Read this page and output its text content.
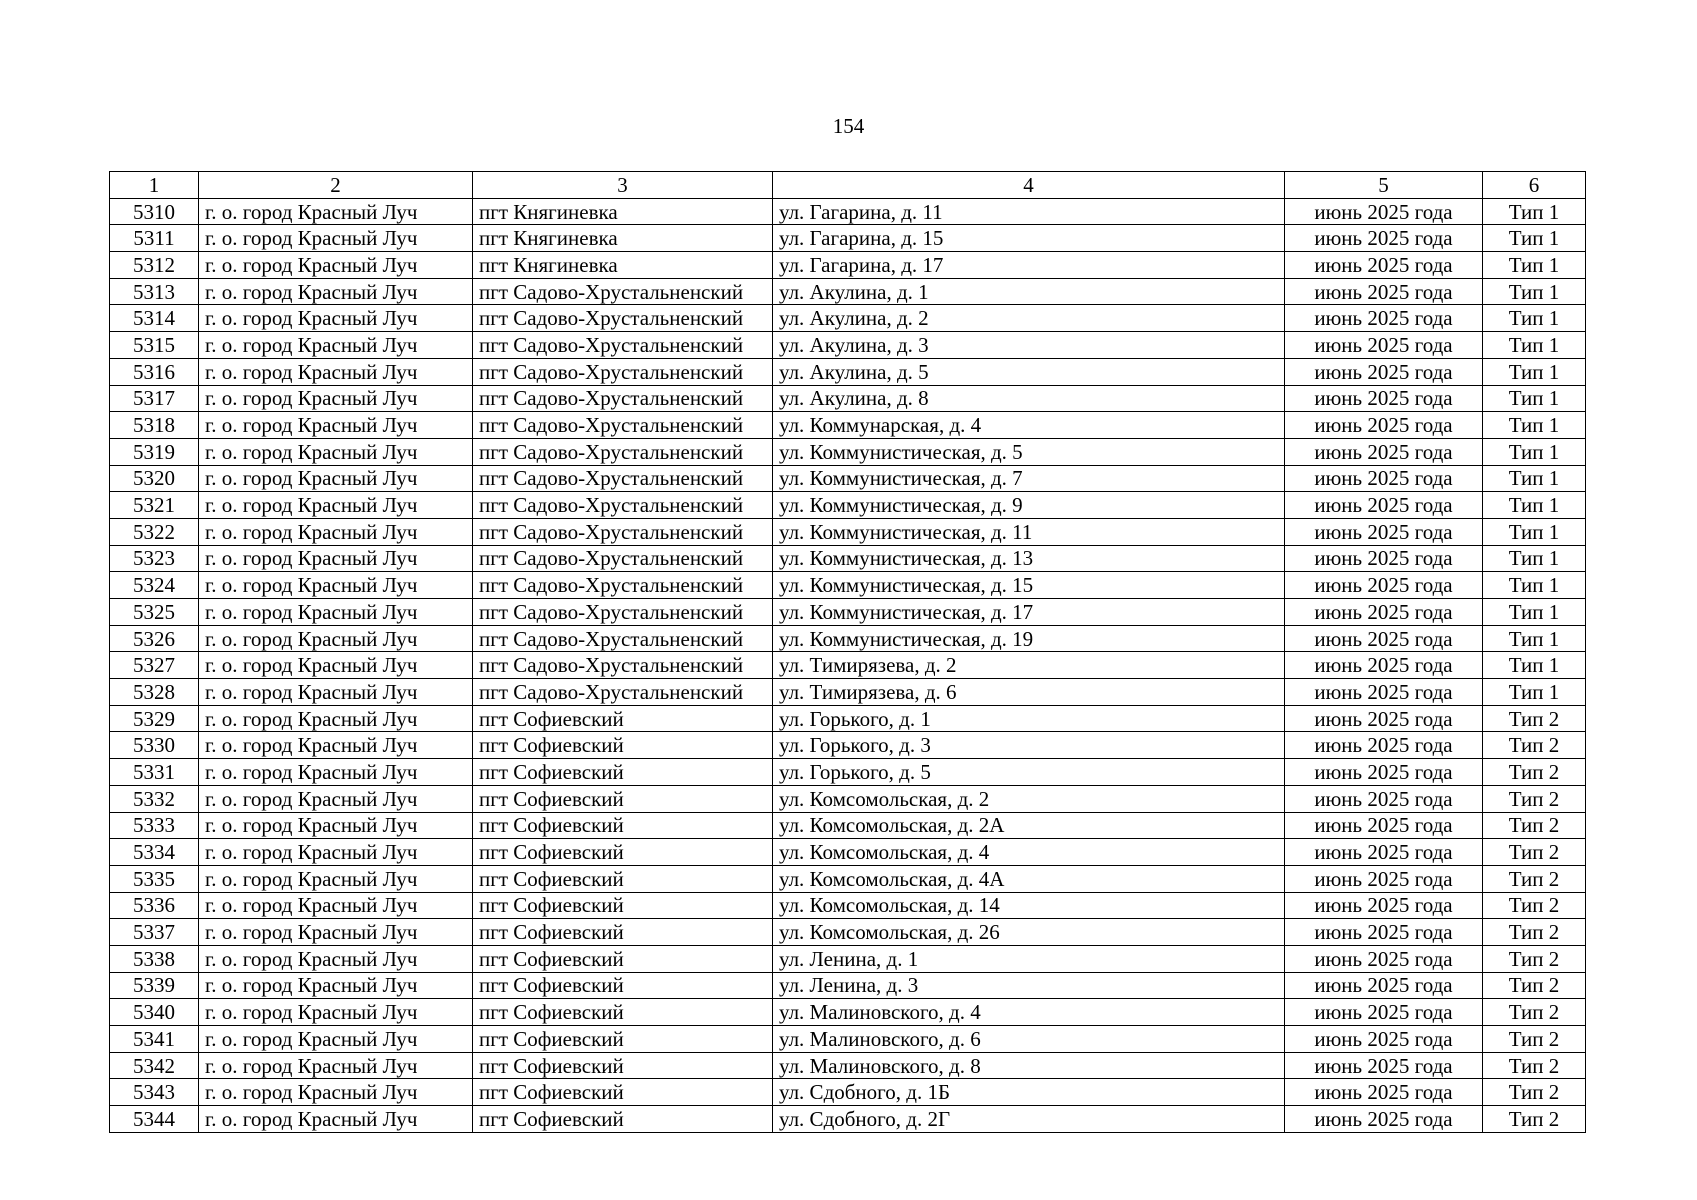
154
1	2	3	4	5	6
5310	г. о. город Красный Луч	пгт Княгиневка	ул. Гагарина, д. 11	июнь 2025 года	Тип 1
5311	г. о. город Красный Луч	пгт Княгиневка	ул. Гагарина, д. 15	июнь 2025 года	Тип 1
5312	г. о. город Красный Луч	пгт Княгиневка	ул. Гагарина, д. 17	июнь 2025 года	Тип 1
5313	г. о. город Красный Луч	пгт Садово-Хрустальненский	ул. Акулина, д. 1	июнь 2025 года	Тип 1
5314	г. о. город Красный Луч	пгт Садово-Хрустальненский	ул. Акулина, д. 2	июнь 2025 года	Тип 1
5315	г. о. город Красный Луч	пгт Садово-Хрустальненский	ул. Акулина, д. 3	июнь 2025 года	Тип 1
5316	г. о. город Красный Луч	пгт Садово-Хрустальненский	ул. Акулина, д. 5	июнь 2025 года	Тип 1
5317	г. о. город Красный Луч	пгт Садово-Хрустальненский	ул. Акулина, д. 8	июнь 2025 года	Тип 1
5318	г. о. город Красный Луч	пгт Садово-Хрустальненский	ул. Коммунарская, д. 4	июнь 2025 года	Тип 1
5319	г. о. город Красный Луч	пгт Садово-Хрустальненский	ул. Коммунистическая, д. 5	июнь 2025 года	Тип 1
5320	г. о. город Красный Луч	пгт Садово-Хрустальненский	ул. Коммунистическая, д. 7	июнь 2025 года	Тип 1
5321	г. о. город Красный Луч	пгт Садово-Хрустальненский	ул. Коммунистическая, д. 9	июнь 2025 года	Тип 1
5322	г. о. город Красный Луч	пгт Садово-Хрустальненский	ул. Коммунистическая, д. 11	июнь 2025 года	Тип 1
5323	г. о. город Красный Луч	пгт Садово-Хрустальненский	ул. Коммунистическая, д. 13	июнь 2025 года	Тип 1
5324	г. о. город Красный Луч	пгт Садово-Хрустальненский	ул. Коммунистическая, д. 15	июнь 2025 года	Тип 1
5325	г. о. город Красный Луч	пгт Садово-Хрустальненский	ул. Коммунистическая, д. 17	июнь 2025 года	Тип 1
5326	г. о. город Красный Луч	пгт Садово-Хрустальненский	ул. Коммунистическая, д. 19	июнь 2025 года	Тип 1
5327	г. о. город Красный Луч	пгт Садово-Хрустальненский	ул. Тимирязева, д. 2	июнь 2025 года	Тип 1
5328	г. о. город Красный Луч	пгт Садово-Хрустальненский	ул. Тимирязева, д. 6	июнь 2025 года	Тип 1
5329	г. о. город Красный Луч	пгт Софиевский	ул. Горького, д. 1	июнь 2025 года	Тип 2
5330	г. о. город Красный Луч	пгт Софиевский	ул. Горького, д. 3	июнь 2025 года	Тип 2
5331	г. о. город Красный Луч	пгт Софиевский	ул. Горького, д. 5	июнь 2025 года	Тип 2
5332	г. о. город Красный Луч	пгт Софиевский	ул. Комсомольская, д. 2	июнь 2025 года	Тип 2
5333	г. о. город Красный Луч	пгт Софиевский	ул. Комсомольская, д. 2А	июнь 2025 года	Тип 2
5334	г. о. город Красный Луч	пгт Софиевский	ул. Комсомольская, д. 4	июнь 2025 года	Тип 2
5335	г. о. город Красный Луч	пгт Софиевский	ул. Комсомольская, д. 4А	июнь 2025 года	Тип 2
5336	г. о. город Красный Луч	пгт Софиевский	ул. Комсомольская, д. 14	июнь 2025 года	Тип 2
5337	г. о. город Красный Луч	пгт Софиевский	ул. Комсомольская, д. 26	июнь 2025 года	Тип 2
5338	г. о. город Красный Луч	пгт Софиевский	ул. Ленина, д. 1	июнь 2025 года	Тип 2
5339	г. о. город Красный Луч	пгт Софиевский	ул. Ленина, д. 3	июнь 2025 года	Тип 2
5340	г. о. город Красный Луч	пгт Софиевский	ул. Малиновского, д. 4	июнь 2025 года	Тип 2
5341	г. о. город Красный Луч	пгт Софиевский	ул. Малиновского, д. 6	июнь 2025 года	Тип 2
5342	г. о. город Красный Луч	пгт Софиевский	ул. Малиновского, д. 8	июнь 2025 года	Тип 2
5343	г. о. город Красный Луч	пгт Софиевский	ул. Сдобного, д. 1Б	июнь 2025 года	Тип 2
5344	г. о. город Красный Луч	пгт Софиевский	ул. Сдобного, д. 2Г	июнь 2025 года	Тип 2
